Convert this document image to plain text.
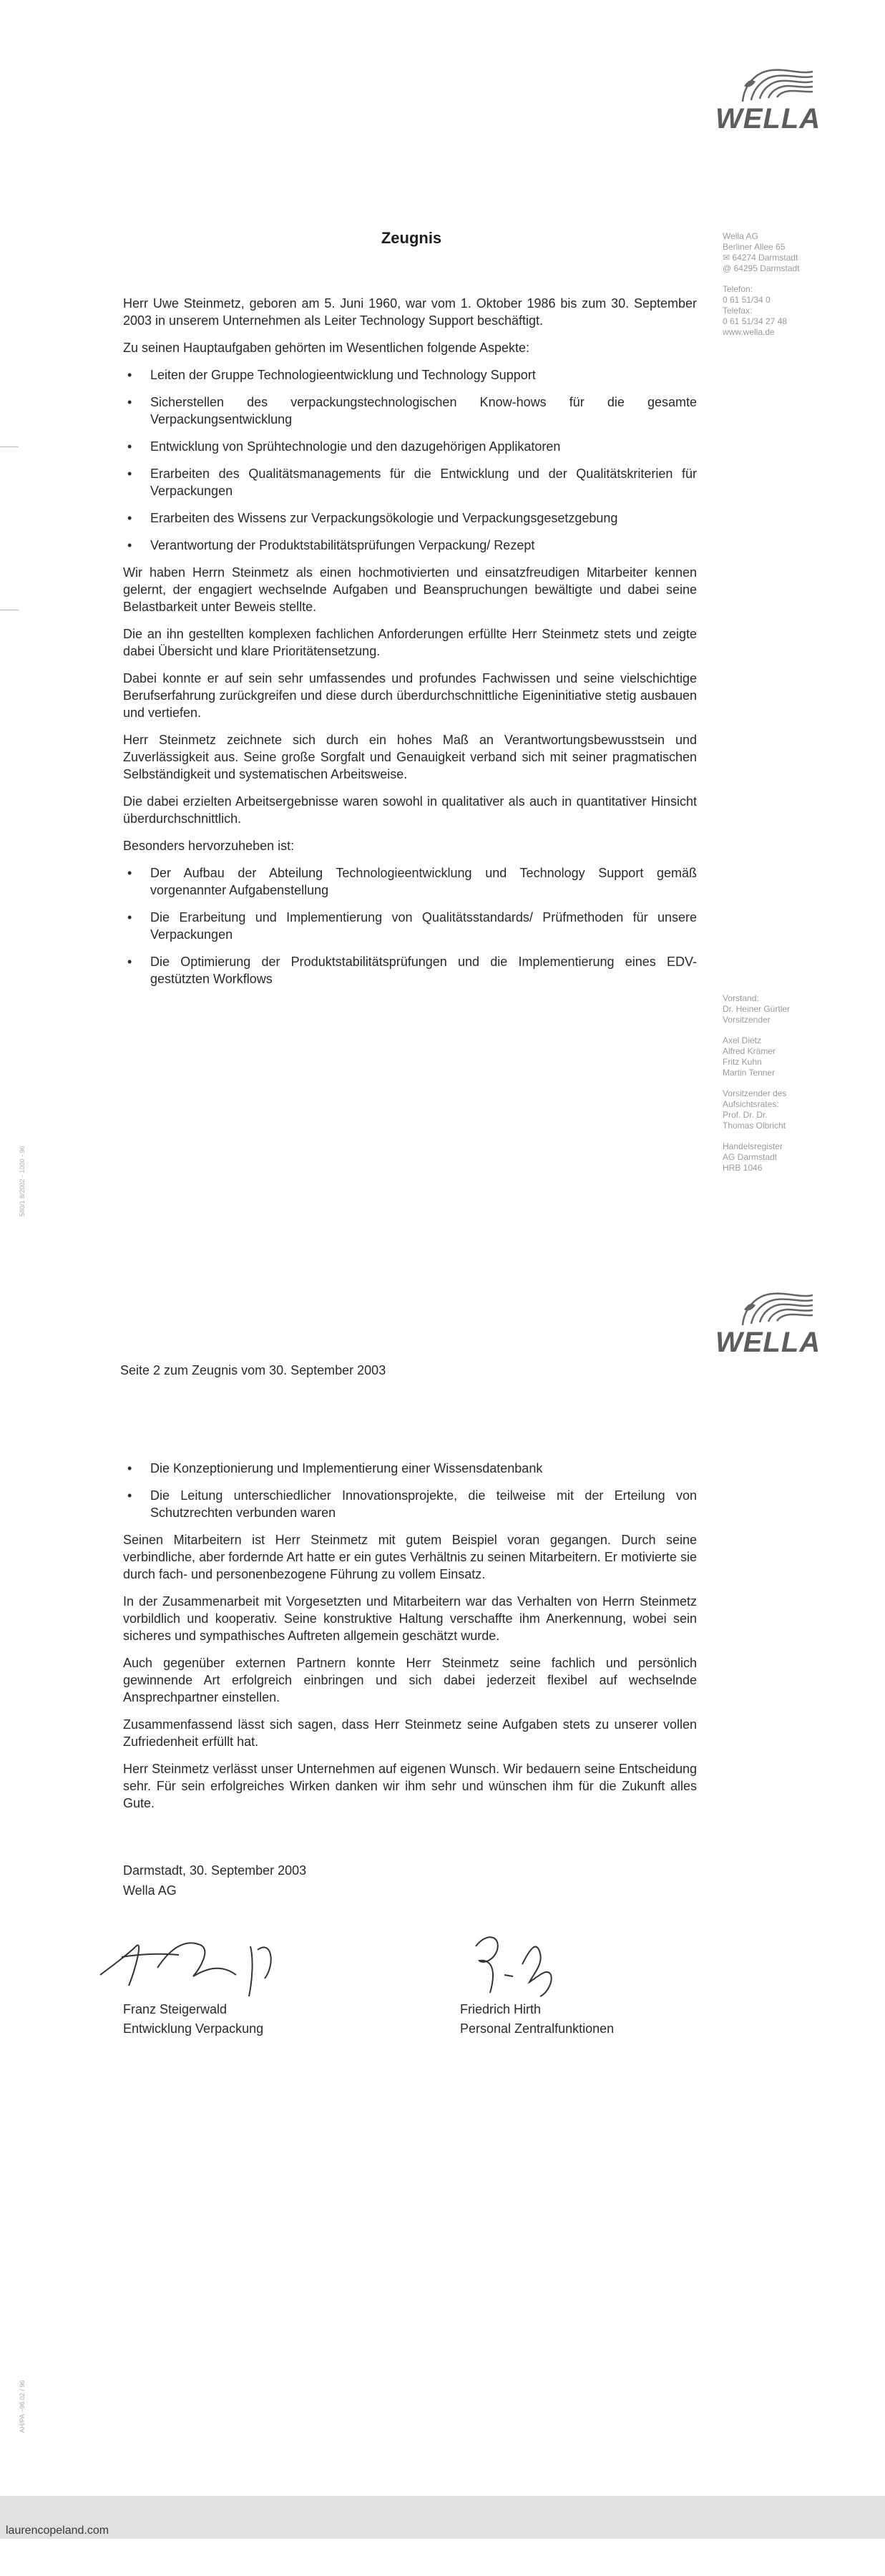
WELLA
Wella AG
Berliner Allee 65
✉ 64274 Darmstadt
@ 64295 Darmstadt
Telefon:
0 61 51/34 0
Telefax:
0 61 51/34 27 48
www.wella.de
Zeugnis

Herr Uwe Steinmetz, geboren am 5. Juni 1960, war vom 1. Oktober 1986 bis zum 30. September 2003 in unserem Unternehmen als Leiter Technology Support beschäftigt.

Zu seinen Hauptaufgaben gehörten im Wesentlichen folgende Aspekte:

• Leiten der Gruppe Technologieentwicklung und Technology Support
• Sicherstellen des verpackungstechnologischen Know-hows für die gesamte Verpackungsentwicklung
• Entwicklung von Sprühtechnologie und den dazugehörigen Applikatoren
• Erarbeiten des Qualitätsmanagements für die Entwicklung und der Qualitätskriterien für Verpackungen
• Erarbeiten des Wissens zur Verpackungsökologie und Verpackungsgesetzgebung
• Verantwortung der Produktstabilitätsprüfungen Verpackung/ Rezept

Wir haben Herrn Steinmetz als einen hochmotivierten und einsatzfreudigen Mitarbeiter kennen gelernt, der engagiert wechselnde Aufgaben und Beanspruchungen bewältigte und dabei seine Belastbarkeit unter Beweis stellte.

Die an ihn gestellten komplexen fachlichen Anforderungen erfüllte Herr Steinmetz stets und zeigte dabei Übersicht und klare Prioritätensetzung.

Dabei konnte er auf sein sehr umfassendes und profundes Fachwissen und seine vielschichtige Berufserfahrung zurückgreifen und diese durch überdurchschnittliche Eigeninitiative stetig ausbauen und vertiefen.

Herr Steinmetz zeichnete sich durch ein hohes Maß an Verantwortungsbewusstsein und Zuverlässigkeit aus. Seine große Sorgfalt und Genauigkeit verband sich mit seiner pragmatischen Selbständigkeit und systematischen Arbeitsweise.

Die dabei erzielten Arbeitsergebnisse waren sowohl in qualitativer als auch in quantitativer Hinsicht überdurchschnittlich.

Besonders hervorzuheben ist:

• Der Aufbau der Abteilung Technologieentwicklung und Technology Support gemäß vorgenannter Aufgabenstellung
• Die Erarbeitung und Implementierung von Qualitätsstandards/ Prüfmethoden für unsere Verpackungen
• Die Optimierung der Produktstabilitätsprüfungen und die Implementierung eines EDV-gestützten Workflows
Vorstand:
Dr. Heiner Gürtler
Vorsitzender
Axel Dietz
Alfred Krämer
Fritz Kuhn
Martin Tenner
Vorsitzender des
Aufsichtsrates:
Prof. Dr. Dr.
Thomas Olbricht
Handelsregister
AG Darmstadt
HRB 1046
580/1 8/2002 - 1000 - 96
WELLA
Seite 2 zum Zeugnis vom 30. September 2003
• Die Konzeptionierung und Implementierung einer Wissensdatenbank
• Die Leitung unterschiedlicher Innovationsprojekte, die teilweise mit der Erteilung von Schutzrechten verbunden waren

Seinen Mitarbeitern ist Herr Steinmetz mit gutem Beispiel voran gegangen. Durch seine verbindliche, aber fordernde Art hatte er ein gutes Verhältnis zu seinen Mitarbeitern. Er motivierte sie durch fach- und personenbezogene Führung zu vollem Einsatz.

In der Zusammenarbeit mit Vorgesetzten und Mitarbeitern war das Verhalten von Herrn Steinmetz vorbildlich und kooperativ. Seine konstruktive Haltung verschaffte ihm Anerkennung, wobei sein sicheres und sympathisches Auftreten allgemein geschätzt wurde.

Auch gegenüber externen Partnern konnte Herr Steinmetz seine fachlich und persönlich gewinnende Art erfolgreich einbringen und sich dabei jederzeit flexibel auf wechselnde Ansprechpartner einstellen.

Zusammenfassend lässt sich sagen, dass Herr Steinmetz seine Aufgaben stets zu unserer vollen Zufriedenheit erfüllt hat.

Herr Steinmetz verlässt unser Unternehmen auf eigenen Wunsch. Wir bedauern seine Entscheidung sehr. Für sein erfolgreiches Wirken danken wir ihm sehr und wünschen ihm für die Zukunft alles Gute.

Darmstadt, 30. September 2003
Wella AG
Franz Steigerwald
Entwicklung Verpackung
Friedrich Hirth
Personal Zentralfunktionen
AH/PA ~96.02 / 96
laurencopeland.com
